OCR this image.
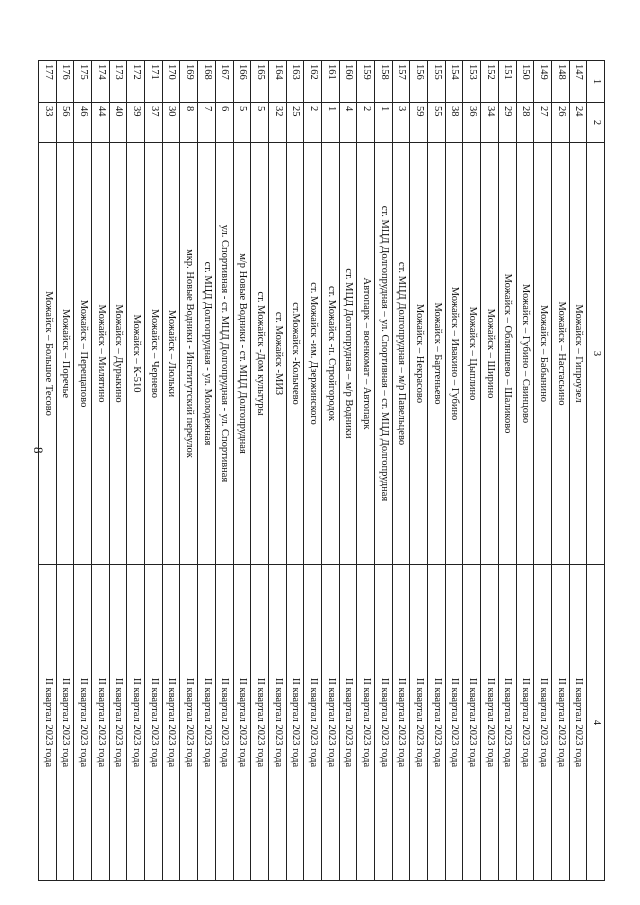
8
1	2	3	4
147	24	Можайск – Гипроузел	II квартал 2023 года
148	26	Можайск – Настасьино	II квартал 2023 года
149	27	Можайск – Бабынино	II квартал 2023 года
150	28	Можайск – Губино – Свинцово	II квартал 2023 года
151	29	Можайск – Обляншево – Шаликово	II квартал 2023 года
152	34	Можайск – Ширино	II квартал 2023 года
153	36	Можайск – Цыплино	II квартал 2023 года
154	38	Можайск – Ивакино – Губино	II квартал 2023 года
155	55	Можайск – Бартеньево	II квартал 2023 года
156	59	Можайск – Некрасово	II квартал 2023 года
157	3	ст. МЦД Долгопрудная – м/р Павельцево	II квартал 2023 года
158	1	ст. МЦД Долгопрудная – ул. Спортивная – ст. МЦД Долгопрудная	II квартал 2023 года
159	2	Автопарк – военкомат – Автопарк	II квартал 2023 года
160	4	ст. МЦД Долгопрудная – м/р Водники	II квартал 2023 года
161	1	ст. Можайск -п. Стройгородок	II квартал 2023 года
162	2	ст. Можайск -им. Дзержинского	II квартал 2023 года
163	25	ст.Можайск -Колычево	II квартал 2023 года
164	32	ст. Можайск -МИЗ	II квартал 2023 года
165	5	ст. Можайск -Дом культуры	II квартал 2023 года
166	5	м/р Новые Водники - ст. МЦД Долгопрудная	II квартал 2023 года
167	6	ул. Спортивная - ст. МЦД Долгопрудная - ул. Спортивная	II квартал 2023 года
168	7	ст. МЦД Долгопрудная - ул. Молодежная	II квартал 2023 года
169	8	мкр. Новые Водники - Институтский переулок	II квартал 2023 года
170	30	Можайск – Люльки	II квартал 2023 года
171	37	Можайск – Чернево	II квартал 2023 года
172	39	Можайск – К-510	II квартал 2023 года
173	40	Можайск – Дурыкино	II квартал 2023 года
174	44	Можайск – Милятино	II квартал 2023 года
175	46	Можайск – Перещапово	II квартал 2023 года
176	56	Можайск – Поречье	II квартал 2023 года
177	33	Можайск – Большое Тесово	II квартал 2023 года
